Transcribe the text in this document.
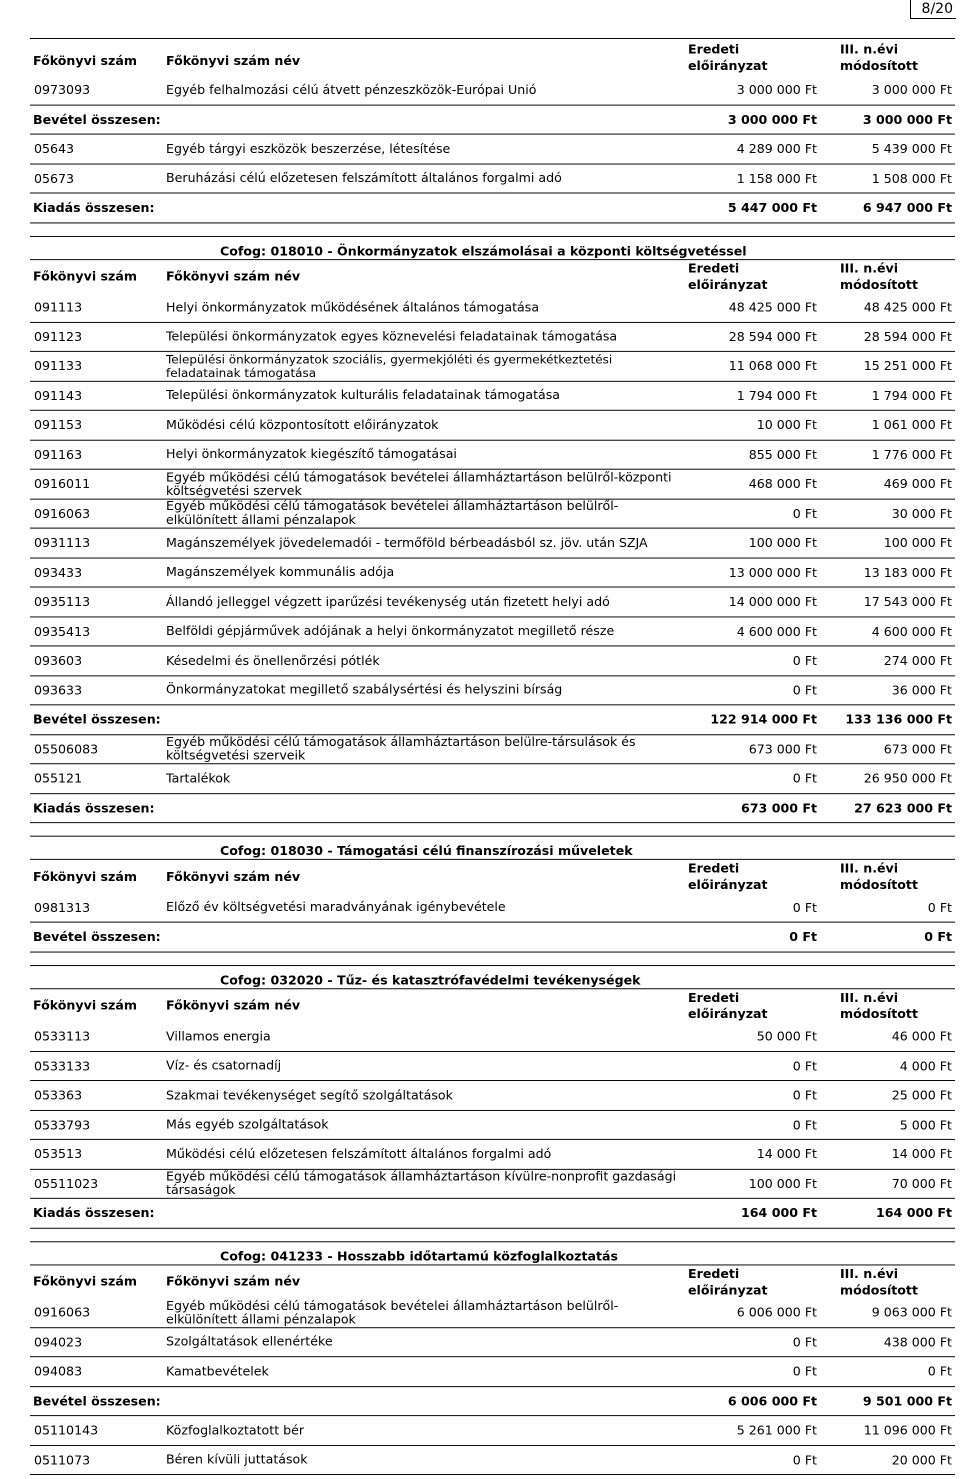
8/20
Főkönyvi szám	Főkönyvi szám név	Eredeti előirányzat	III. n.évi módosított
0973093	Egyéb felhalmozási célú átvett pénzeszközök-Európai Unió	3 000 000 Ft	3 000 000 Ft
Bevétel összesen:		3 000 000 Ft	3 000 000 Ft
05643	Egyéb tárgyi eszközök beszerzése, létesítése	4 289 000 Ft	5 439 000 Ft
05673	Beruházási célú előzetesen felszámított általános forgalmi adó	1 158 000 Ft	1 508 000 Ft
Kiadás összesen:		5 447 000 Ft	6 947 000 Ft

Cofog: 018010 - Önkormányzatok elszámolásai a központi költségvetéssel			
Főkönyvi szám	Főkönyvi szám név	Eredeti előirányzat	III. n.évi módosított
091113	Helyi önkormányzatok működésének általános támogatása	48 425 000 Ft	48 425 000 Ft
091123	Települési önkormányzatok egyes köznevelési feladatainak támogatása	28 594 000 Ft	28 594 000 Ft
091133	Települési önkormányzatok szociális, gyermekjóléti és gyermekétkeztetési feladatainak támogatása	11 068 000 Ft	15 251 000 Ft
091143	Települési önkormányzatok kulturális feladatainak támogatása	1 794 000 Ft	1 794 000 Ft
091153	Működési célú központosított előirányzatok	10 000 Ft	1 061 000 Ft
091163	Helyi önkormányzatok kiegészítő támogatásai	855 000 Ft	1 776 000 Ft
0916011	Egyéb működési célú támogatások bevételei államháztartáson belülről-központi költségvetési szervek	468 000 Ft	469 000 Ft
0916063	Egyéb működési célú támogatások bevételei államháztartáson belülről-elkülönített állami pénzalapok	0 Ft	30 000 Ft
0931113	Magánszemélyek jövedelemadói - termőföld bérbeadásból sz. jöv. után SZJA	100 000 Ft	100 000 Ft
093433	Magánszemélyek kommunális adója	13 000 000 Ft	13 183 000 Ft
0935113	Állandó jelleggel végzett iparűzési tevékenység után fizetett helyi adó	14 000 000 Ft	17 543 000 Ft
0935413	Belföldi gépjárművek adójának a helyi önkormányzatot megillető része	4 600 000 Ft	4 600 000 Ft
093603	Késedelmi és önellenőrzési pótlék	0 Ft	274 000 Ft
093633	Önkormányzatokat megillető szabálysértési és helyszini bírság	0 Ft	36 000 Ft
Bevétel összesen:		122 914 000 Ft	133 136 000 Ft
05506083	Egyéb működési célú támogatások államháztartáson belülre-társulások és költségvetési szerveik	673 000 Ft	673 000 Ft
055121	Tartalékok	0 Ft	26 950 000 Ft
Kiadás összesen:		673 000 Ft	27 623 000 Ft

Cofog: 018030 - Támogatási célú finanszírozási műveletek			
Főkönyvi szám	Főkönyvi szám név	Eredeti előirányzat	III. n.évi módosított
0981313	Előző év költségvetési maradványának igénybevétele	0 Ft	0 Ft
Bevétel összesen:		0 Ft	0 Ft

Cofog: 032020 - Tűz- és katasztrófavédelmi tevékenységek			
Főkönyvi szám	Főkönyvi szám név	Eredeti előirányzat	III. n.évi módosított
0533113	Villamos energia	50 000 Ft	46 000 Ft
0533133	Víz- és csatornadíj	0 Ft	4 000 Ft
053363	Szakmai tevékenységet segítő szolgáltatások	0 Ft	25 000 Ft
0533793	Más egyéb szolgáltatások	0 Ft	5 000 Ft
053513	Működési célú előzetesen felszámított általános forgalmi adó	14 000 Ft	14 000 Ft
05511023	Egyéb működési célú támogatások államháztartáson kívülre-nonprofit gazdasági társaságok	100 000 Ft	70 000 Ft
Kiadás összesen:		164 000 Ft	164 000 Ft

Cofog: 041233 - Hosszabb időtartamú közfoglalkoztatás			
Főkönyvi szám	Főkönyvi szám név	Eredeti előirányzat	III. n.évi módosított
0916063	Egyéb működési célú támogatások bevételei államháztartáson belülről-elkülönített állami pénzalapok	6 006 000 Ft	9 063 000 Ft
094023	Szolgáltatások ellenértéke	0 Ft	438 000 Ft
094083	Kamatbevételek	0 Ft	0 Ft
Bevétel összesen:		6 006 000 Ft	9 501 000 Ft
05110143	Közfoglalkoztatott bér	5 261 000 Ft	11 096 000 Ft
0511073	Béren kívüli juttatások	0 Ft	20 000 Ft
